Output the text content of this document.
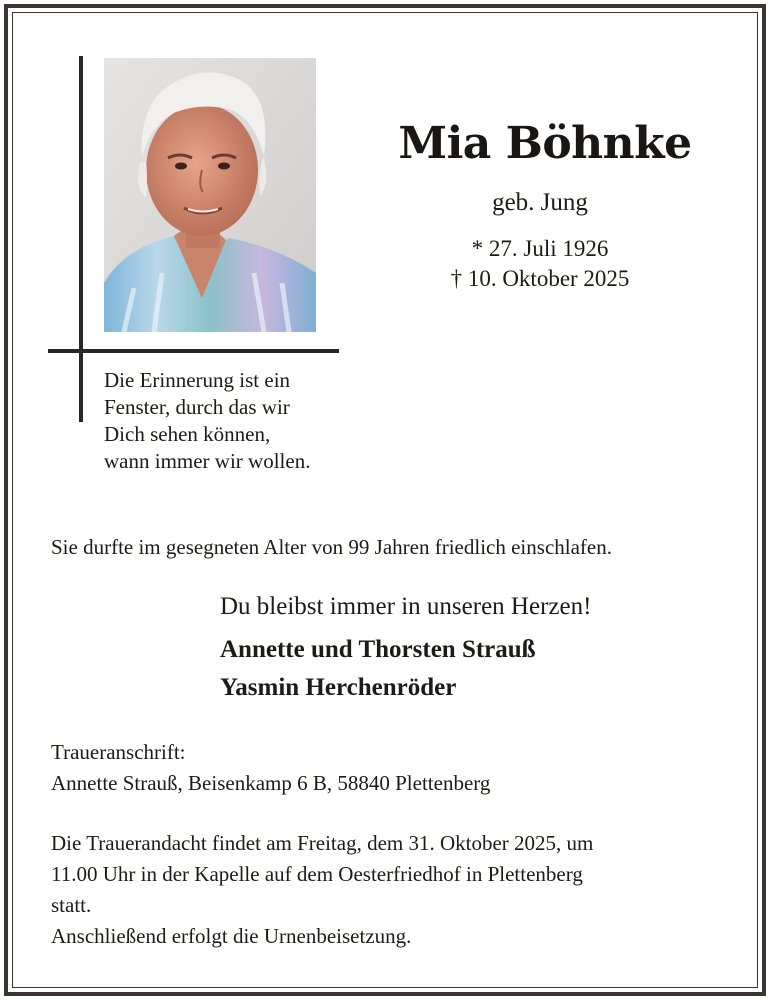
Mia Böhnke
geb. Jung
* 27. Juli 1926
† 10. Oktober 2025
Die Erinnerung ist ein
Fenster, durch das wir
Dich sehen können,
wann immer wir wollen.
Sie durfte im gesegneten Alter von 99 Jahren friedlich einschlafen.
Du bleibst immer in unseren Herzen!
Annette und Thorsten Strauß
Yasmin Herchenröder
Traueranschrift:
Annette Strauß, Beisenkamp 6 B, 58840 Plettenberg
Die Trauerandacht findet am Freitag, dem 31. Oktober 2025, um
11.00 Uhr in der Kapelle auf dem Oesterfriedhof in Plettenberg
statt.
Anschließend erfolgt die Urnenbeisetzung.
